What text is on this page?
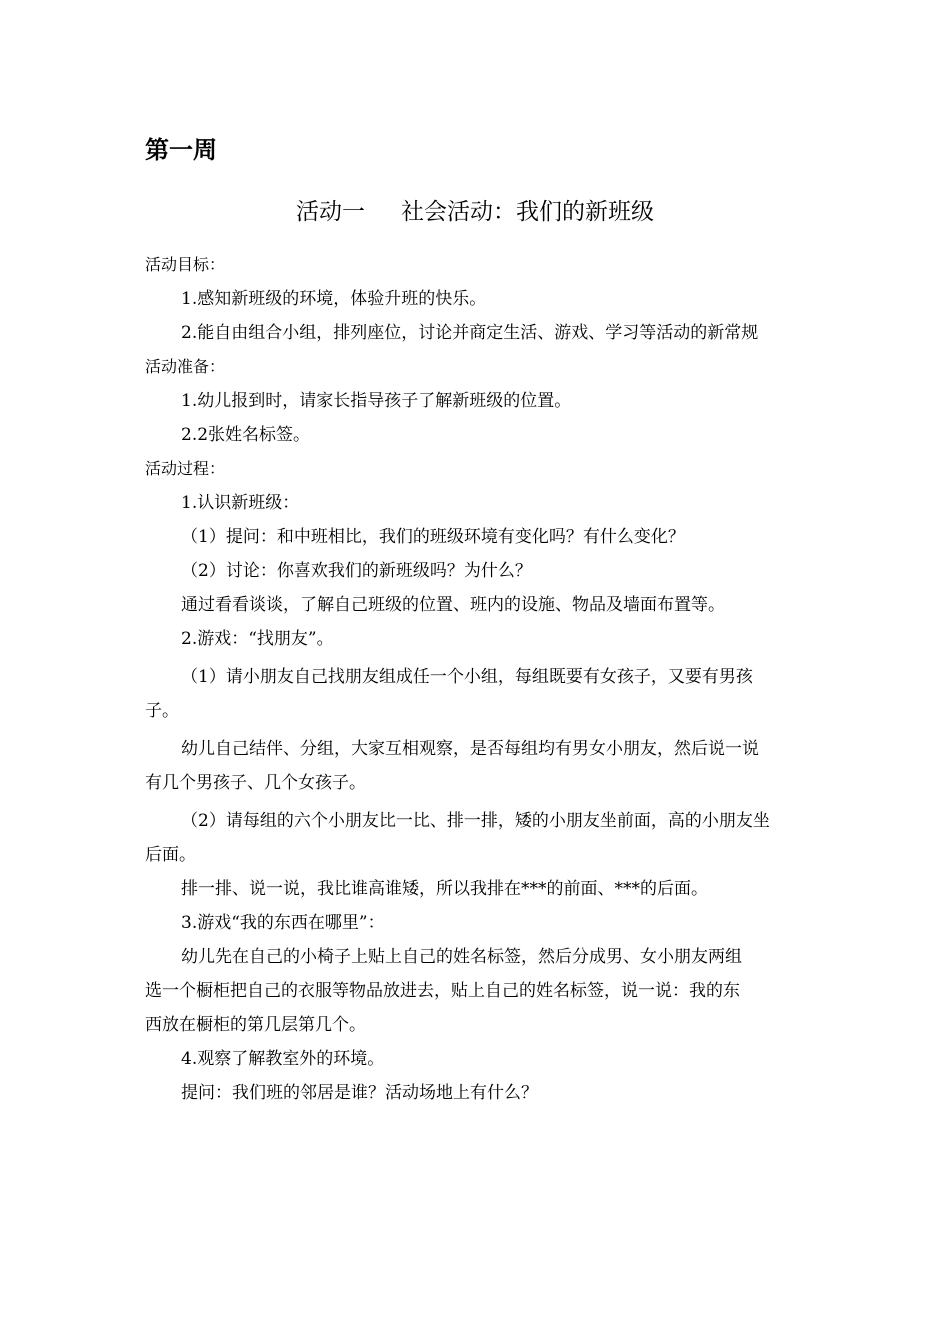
第一周
活动一 社会活动：我们的新班级
活动目标：
1.感知新班级的环境，体验升班的快乐。
2.能自由组合小组，排列座位，讨论并商定生活、游戏、学习等活动的新常规
活动准备：
1.幼儿报到时，请家长指导孩子了解新班级的位置。
2.2张姓名标签。
活动过程：
1.认识新班级：
（1）提问：和中班相比，我们的班级环境有变化吗？有什么变化？
（2）讨论：你喜欢我们的新班级吗？为什么？
通过看看谈谈，了解自己班级的位置、班内的设施、物品及墙面布置等。
2.游戏：“找朋友”。
（1）请小朋友自己找朋友组成任一个小组，每组既要有女孩子，又要有男孩
子。
幼儿自己结伴、分组，大家互相观察，是否每组均有男女小朋友，然后说一说
有几个男孩子、几个女孩子。
（2）请每组的六个小朋友比一比、排一排，矮的小朋友坐前面，高的小朋友坐
后面。
排一排、说一说，我比谁高谁矮，所以我排在***的前面、***的后面。
3.游戏“我的东西在哪里”：
幼儿先在自己的小椅子上贴上自己的姓名标签，然后分成男、女小朋友两组
选一个橱柜把自己的衣服等物品放进去，贴上自己的姓名标签，说一说：我的东
西放在橱柜的第几层第几个。
4.观察了解教室外的环境。
提问：我们班的邻居是谁？活动场地上有什么？
